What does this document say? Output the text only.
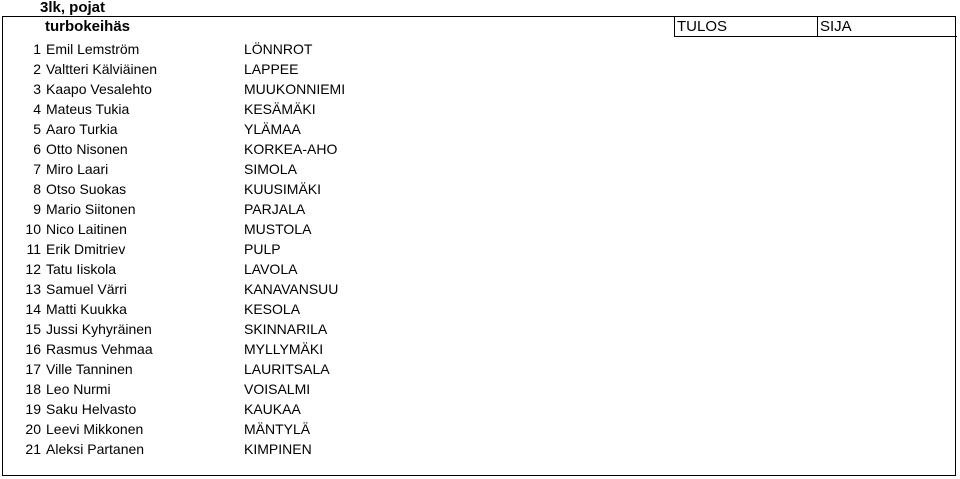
3lk, pojat
turbokeihäs	TULOS	SIJA
1 Emil Lemström	LÖNNROT
2 Valtteri Kälviäinen	LAPPEE
3 Kaapo Vesalehto	MUUKONNIEMI
4 Mateus Tukia	KESÄMÄKI
5 Aaro Turkia	YLÄMAA
6 Otto Nisonen	KORKEA-AHO
7 Miro Laari	SIMOLA
8 Otso Suokas	KUUSIMÄKI
9 Mario Siitonen	PARJALA
10 Nico Laitinen	MUSTOLA
11 Erik Dmitriev	PULP
12 Tatu Iiskola	LAVOLA
13 Samuel Värri	KANAVANSUU
14 Matti Kuukka	KESOLA
15 Jussi Kyhyräinen	SKINNARILA
16 Rasmus Vehmaa	MYLLYMÄKI
17 Ville Tanninen	LAURITSALA
18 Leo Nurmi	VOISALMI
19 Saku Helvasto	KAUKAA
20 Leevi Mikkonen	MÄNTYLÄ
21 Aleksi Partanen	KIMPINEN
